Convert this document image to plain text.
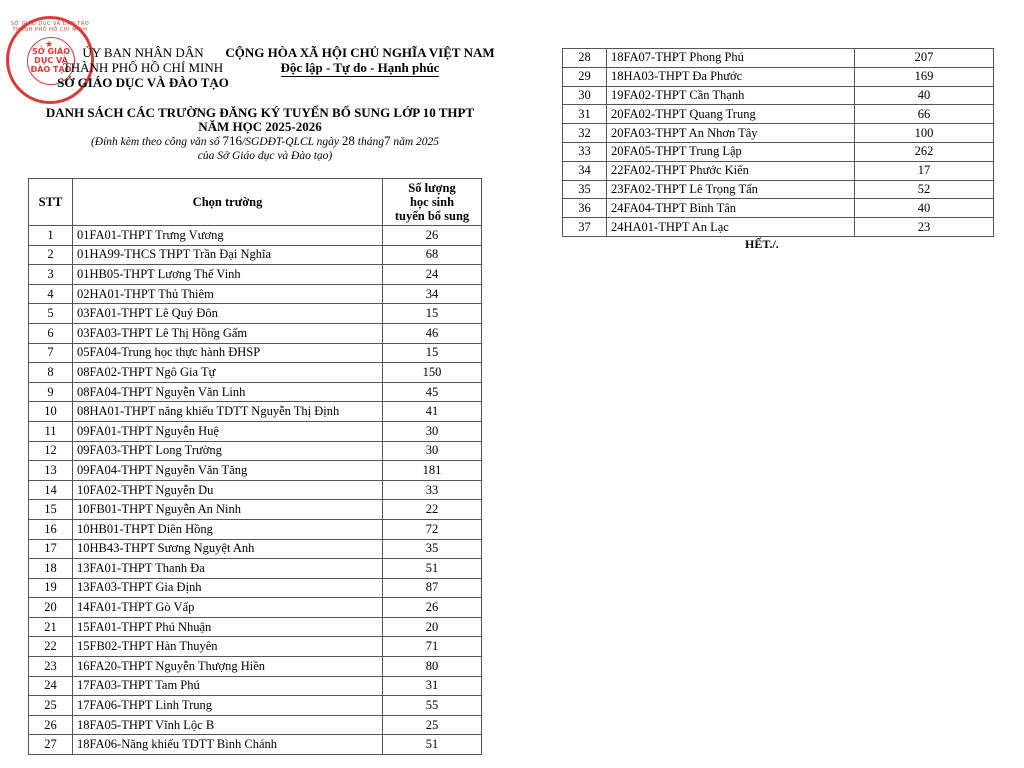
SỞ GIÁO DỤC VÀ ĐÀO TẠO THÀNH PHỐ HỒ CHÍ MINH
★
SỞ GIÁO DỤC VÀ ĐÀO TẠO
ỦY BAN NHÂN DÂN
THÀNH PHỐ HỒ CHÍ MINH
SỞ GIÁO DỤC VÀ ĐÀO TẠO
CỘNG HÒA XÃ HỘI CHỦ NGHĨA VIỆT NAM
Độc lập - Tự do - Hạnh phúc
DANH SÁCH CÁC TRƯỜNG ĐĂNG KÝ TUYỂN BỔ SUNG LỚP 10 THPT
NĂM HỌC 2025-2026
(Đính kèm theo công văn số 716/SGDĐT-QLCL ngày 28 tháng7 năm 2025
của Sở Giáo dục và Đào tạo)
STT	Chọn trường	Số lượng
học sinh
tuyển bổ sung

1	01FA01-THPT Trưng Vương	26
2	01HA99-THCS THPT Trần Đại Nghĩa	68
3	01HB05-THPT Lương Thế Vinh	24
4	02HA01-THPT Thủ Thiêm	34
5	03FA01-THPT Lê Quý Đôn	15
6	03FA03-THPT Lê Thị Hồng Gấm	46
7	05FA04-Trung học thực hành ĐHSP	15
8	08FA02-THPT Ngô Gia Tự	150
9	08FA04-THPT Nguyễn Văn Linh	45
10	08HA01-THPT năng khiếu TDTT Nguyễn Thị Định	41
11	09FA01-THPT Nguyễn Huệ	30
12	09FA03-THPT Long Trường	30
13	09FA04-THPT Nguyễn Văn Tăng	181
14	10FA02-THPT Nguyễn Du	33
15	10FB01-THPT Nguyễn An Ninh	22
16	10HB01-THPT Diên Hồng	72
17	10HB43-THPT Sương Nguyệt Anh	35
18	13FA01-THPT Thanh Đa	51
19	13FA03-THPT Gia Định	87
20	14FA01-THPT Gò Vấp	26
21	15FA01-THPT Phú Nhuận	20
22	15FB02-THPT Hàn Thuyên	71
23	16FA20-THPT Nguyễn Thượng Hiền	80
24	17FA03-THPT Tam Phú	31
25	17FA06-THPT Linh Trung	55
26	18FA05-THPT Vĩnh Lộc B	25
27	18FA06-Năng khiếu TDTT Bình Chánh	51
28	18FA07-THPT Phong Phú	207
29	18HA03-THPT Đa Phước	169
30	19FA02-THPT Cần Thạnh	40
31	20FA02-THPT Quang Trung	66
32	20FA03-THPT An Nhơn Tây	100
33	20FA05-THPT Trung Lập	262
34	22FA02-THPT Phước Kiển	17
35	23FA02-THPT Lê Trọng Tấn	52
36	24FA04-THPT Bình Tân	40
37	24HA01-THPT An Lạc	23
HẾT./.
